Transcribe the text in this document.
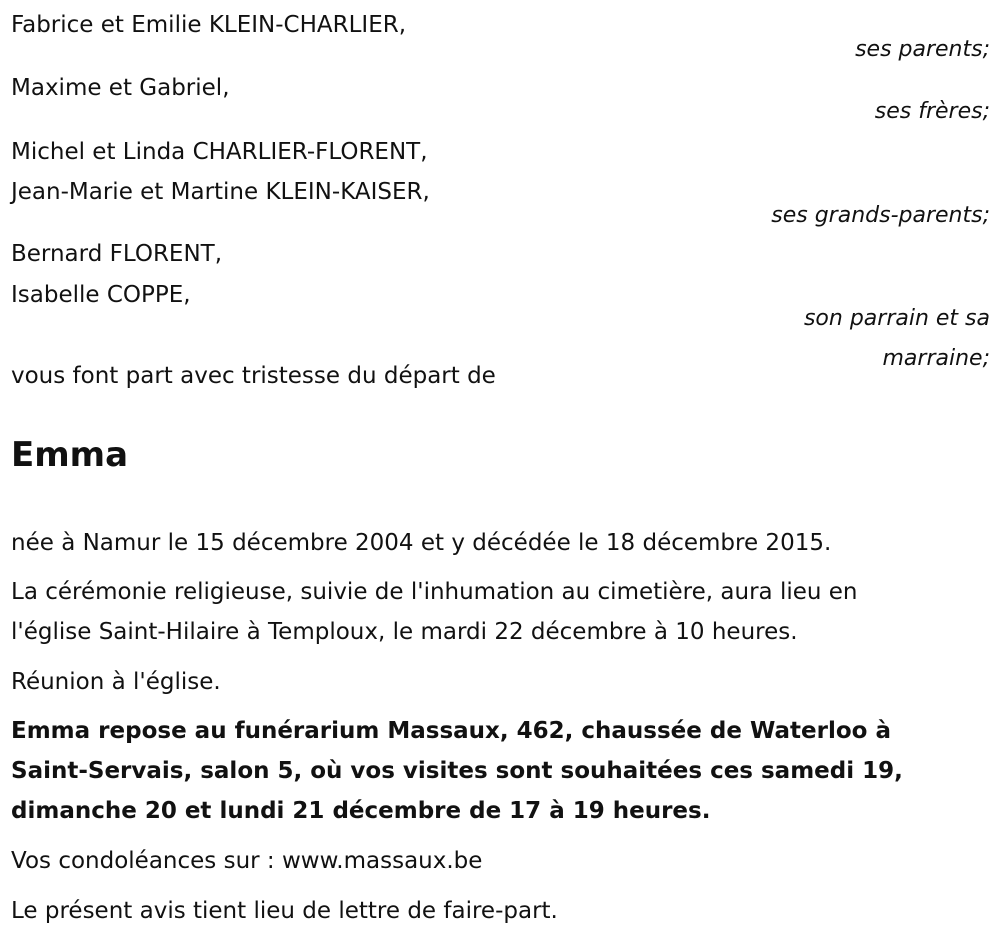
Fabrice et Emilie KLEIN-CHARLIER,
ses parents;
Maxime et Gabriel,
ses frères;
Michel et Linda CHARLIER-FLORENT,
Jean-Marie et Martine KLEIN-KAISER,
ses grands-parents;
Bernard FLORENT,
Isabelle COPPE,
son parrain et sa
marraine;
vous font part avec tristesse du départ de
Emma
née à Namur le 15 décembre 2004 et y décédée le 18 décembre 2015.
La cérémonie religieuse, suivie de l'inhumation au cimetière, aura lieu en
l'église Saint-Hilaire à Temploux, le mardi 22 décembre à 10 heures.
Réunion à l'église.
Emma repose au funérarium Massaux, 462, chaussée de Waterloo à
Saint-Servais, salon 5, où vos visites sont souhaitées ces samedi 19,
dimanche 20 et lundi 21 décembre de 17 à 19 heures.
Vos condoléances sur : www.massaux.be
Le présent avis tient lieu de lettre de faire-part.
